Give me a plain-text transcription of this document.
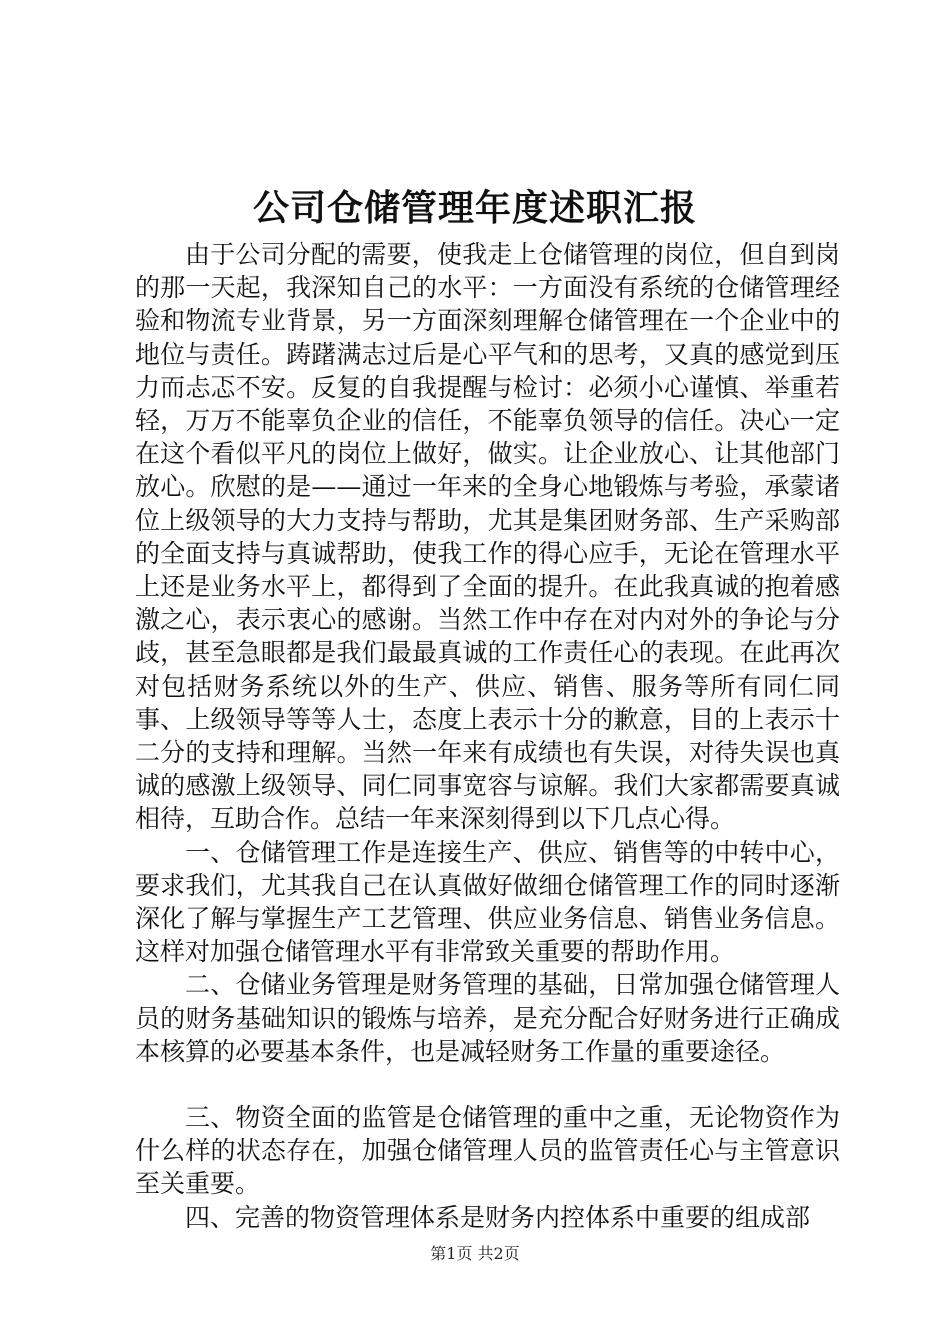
公司仓储管理年度述职汇报

由于公司分配的需要，使我走上仓储管理的岗位，但自到岗的那一天起，我深知自己的水平：一方面没有系统的仓储管理经验和物流专业背景，另一方面深刻理解仓储管理在一个企业中的地位与责任。踌躇满志过后是心平气和的思考，又真的感觉到压力而忐忑不安。反复的自我提醒与检讨：必须小心谨慎、举重若轻，万万不能辜负企业的信任，不能辜负领导的信任。决心一定在这个看似平凡的岗位上做好，做实。让企业放心、让其他部门放心。欣慰的是——通过一年来的全身心地锻炼与考验，承蒙诸位上级领导的大力支持与帮助，尤其是集团财务部、生产采购部的全面支持与真诚帮助，使我工作的得心应手，无论在管理水平上还是业务水平上，都得到了全面的提升。在此我真诚的抱着感激之心，表示衷心的感谢。当然工作中存在对内对外的争论与分歧，甚至急眼都是我们最最真诚的工作责任心的表现。在此再次对包括财务系统以外的生产、供应、销售、服务等所有同仁同事、上级领导等等人士，态度上表示十分的歉意，目的上表示十二分的支持和理解。当然一年来有成绩也有失误，对待失误也真诚的感激上级领导、同仁同事宽容与谅解。我们大家都需要真诚相待，互助合作。总结一年来深刻得到以下几点心得。

一、仓储管理工作是连接生产、供应、销售等的中转中心，要求我们，尤其我自己在认真做好做细仓储管理工作的同时逐渐深化了解与掌握生产工艺管理、供应业务信息、销售业务信息。这样对加强仓储管理水平有非常致关重要的帮助作用。

二、仓储业务管理是财务管理的基础，日常加强仓储管理人员的财务基础知识的锻炼与培养，是充分配合好财务进行正确成本核算的必要基本条件，也是减轻财务工作量的重要途径。

三、物资全面的监管是仓储管理的重中之重，无论物资作为什么样的状态存在，加强仓储管理人员的监管责任心与主管意识至关重要。

四、完善的物资管理体系是财务内控体系中重要的组成部

第1页 共2页
